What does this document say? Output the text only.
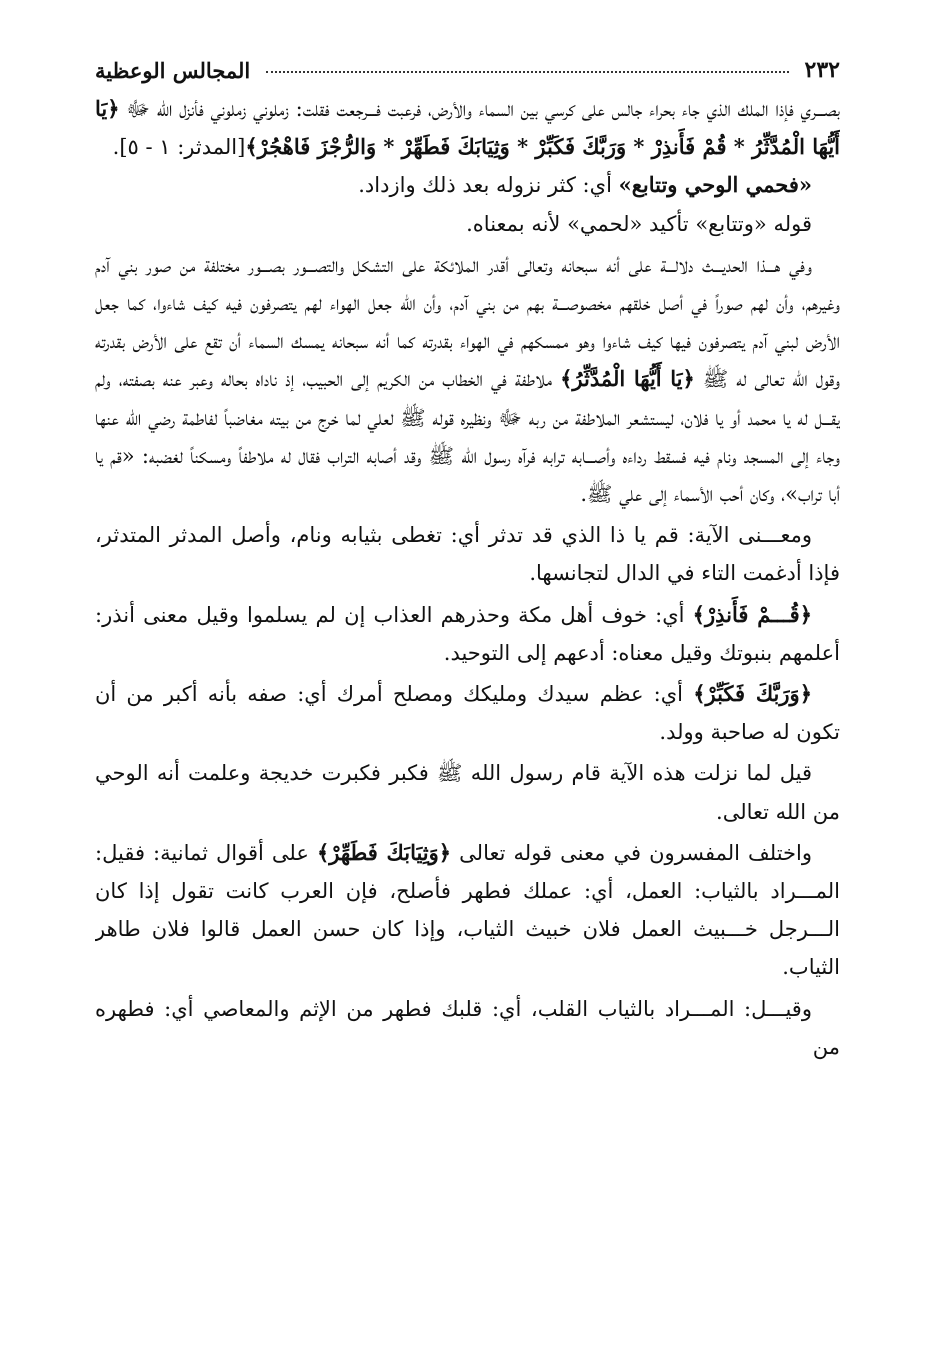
٢٣٢
المجالس الوعظية

بصـــري فإذا الملك الذي جاء بحراء جالس على كرسي بين السماء والأرض، فرعبت فـــرجعت فقلت: زملوني زملوني فأنزل الله ﷻ ﴿يَا أَيُّهَا الْمُدَّثِّرُ * قُمْ فَأَنذِرْ * وَرَبَّكَ فَكَبِّرْ * وَثِيَابَكَ فَطَهِّرْ * وَالرُّجْزَ فَاهْجُرْ﴾[المدثر: ١ - ٥].

«فحمي الوحي وتتابع» أي: كثر نزوله بعد ذلك وازداد.

قوله «وتتابع» تأكيد «لحمي» لأنه بمعناه.

وفي هـــذا الحديـــث دلالـــة على أنه سبحانه وتعالى أقدر الملائكة على التشكل والتصـــور بصـــور مختلفة من صور بني آدم وغيرهم، وأن لهم صوراً في أصل خلقهم مخصوصـــة بهم من بني آدم، وأن الله جعل الهواء لهم يتصرفون فيه كيف شاءوا، كما جعل الأرض لبني آدم يتصرفون فيها كيف شاءوا وهو ممسكهم في الهواء بقدرته كما أنه سبحانه يمسك السماء أن تقع على الأرض بقدرته وقول الله تعالى له ﷺ ﴿يَا أَيُّهَا الْمُدَّثِّرُ﴾ ملاطفة في الخطاب من الكريم إلى الحبيب، إذ ناداه بحاله وعبر عنه بصفته، ولم يقـــل له يا محمد أو يا فلان، ليستشعر الملاطفة من ربه ﷻ ونظيره قوله ﷺ لعلي لما خرج من بيته مغاضباً لفاطمة رضي الله عنها وجاء إلى المسجد ونام فيه فسقط رداءه وأصـــابه ترابه فرآه رسول الله ﷺ وقد أصابه التراب فقال له ملاطفاً ومسكناً لغضبه: «قم يا أبا تراب»، وكان أحب الأسماء إلى علي ﷺ.

ومعـــنى الآية: قم يا ذا الذي قد تدثر أي: تغطى بثيابه ونام، وأصل المدثر المتدثر، فإذا أدغمت التاء في الدال لتجانسها.

﴿قُـــمْ فَأَنذِرْ﴾ أي: خوف أهل مكة وحذرهم العذاب إن لم يسلموا وقيل معنى أنذر: أعلمهم بنبوتك وقيل معناه: أدعهم إلى التوحيد.

﴿وَرَبَّكَ فَكَبِّرْ﴾ أي: عظم سيدك ومليكك ومصلح أمرك أي: صفه بأنه أكبر من أن تكون له صاحبة وولد.

قيل لما نزلت هذه الآية قام رسول الله ﷺ فكبر فكبرت خديجة وعلمت أنه الوحي من الله تعالى.

واختلف المفسرون في معنى قوله تعالى ﴿وَثِيَابَكَ فَطَهِّرْ﴾ على أقوال ثمانية: فقيل: المـــراد بالثياب: العمل، أي: عملك فطهر فأصلح، فإن العرب كانت تقول إذا كان الـــرجل خـــبيث العمل فلان خبيث الثياب، وإذا كان حسن العمل قالوا فلان طاهر الثياب.

وقيـــل: المـــراد بالثياب القلب، أي: قلبك فطهر من الإثم والمعاصي أي: فطهره من
